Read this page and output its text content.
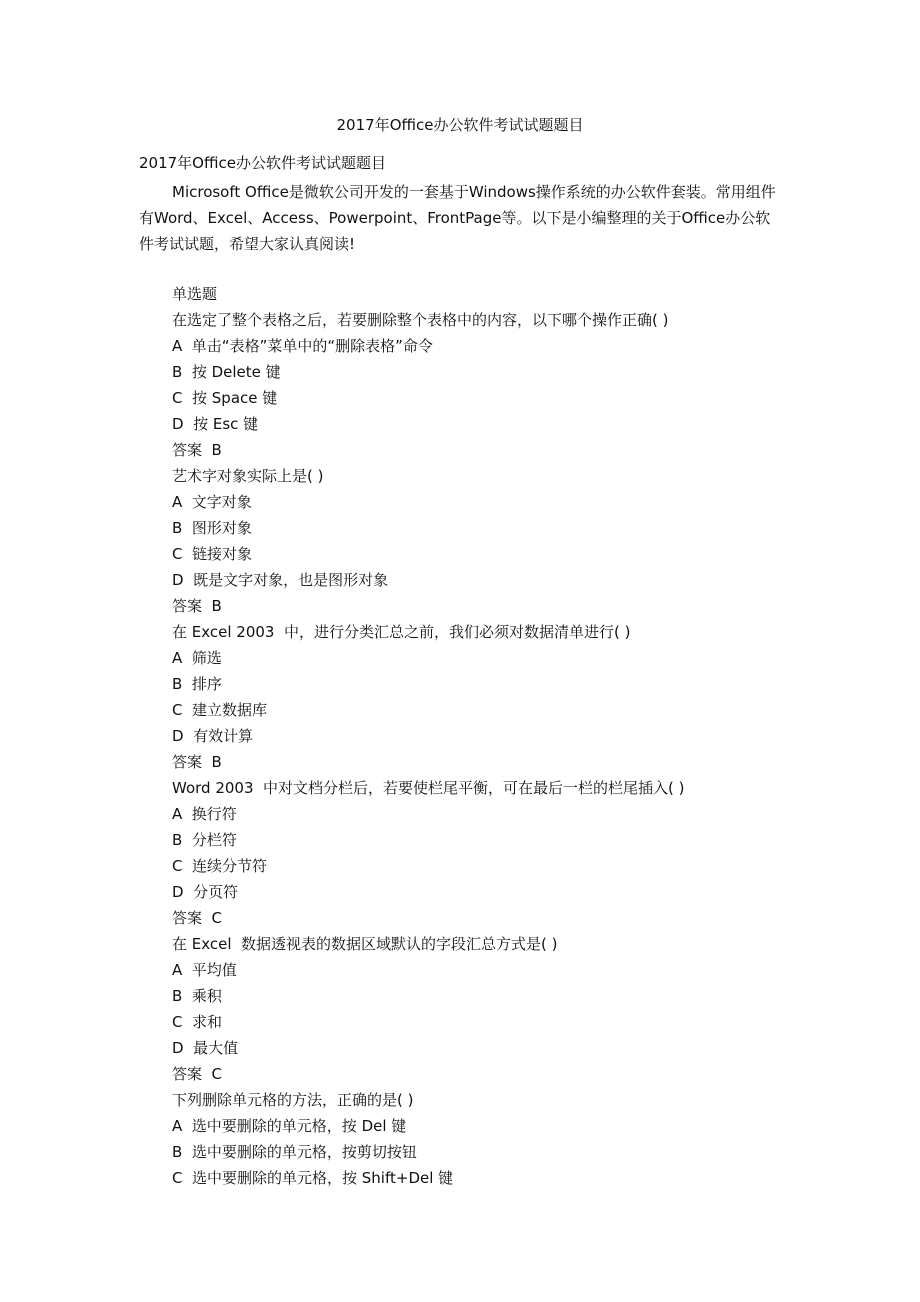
2017年Office办公软件考试试题题目
2017年Office办公软件考试试题题目

Microsoft Office是微软公司开发的一套基于Windows操作系统的办公软件套装。常用组件有Word、Excel、Access、Powerpoint、FrontPage等。以下是小编整理的关于Office办公软件考试试题，希望大家认真阅读!

单选题
在选定了整个表格之后，若要删除整个表格中的内容，以下哪个操作正确( )
A  单击“表格”菜单中的“删除表格”命令
B  按 Delete 键
C  按 Space 键
D  按 Esc 键
答案  B
艺术字对象实际上是( )
A  文字对象
B  图形对象
C  链接对象
D  既是文字对象，也是图形对象
答案  B
在 Excel 2003  中，进行分类汇总之前，我们必须对数据清单进行( )
A  筛选
B  排序
C  建立数据库
D  有效计算
答案  B
Word 2003  中对文档分栏后，若要使栏尾平衡，可在最后一栏的栏尾插入( )
A  换行符
B  分栏符
C  连续分节符
D  分页符
答案  C
在 Excel  数据透视表的数据区域默认的字段汇总方式是( )
A  平均值
B  乘积
C  求和
D  最大值
答案  C
下列删除单元格的方法，正确的是( )
A  选中要删除的单元格，按 Del 键
B  选中要删除的单元格，按剪切按钮
C  选中要删除的单元格，按 Shift+Del 键
